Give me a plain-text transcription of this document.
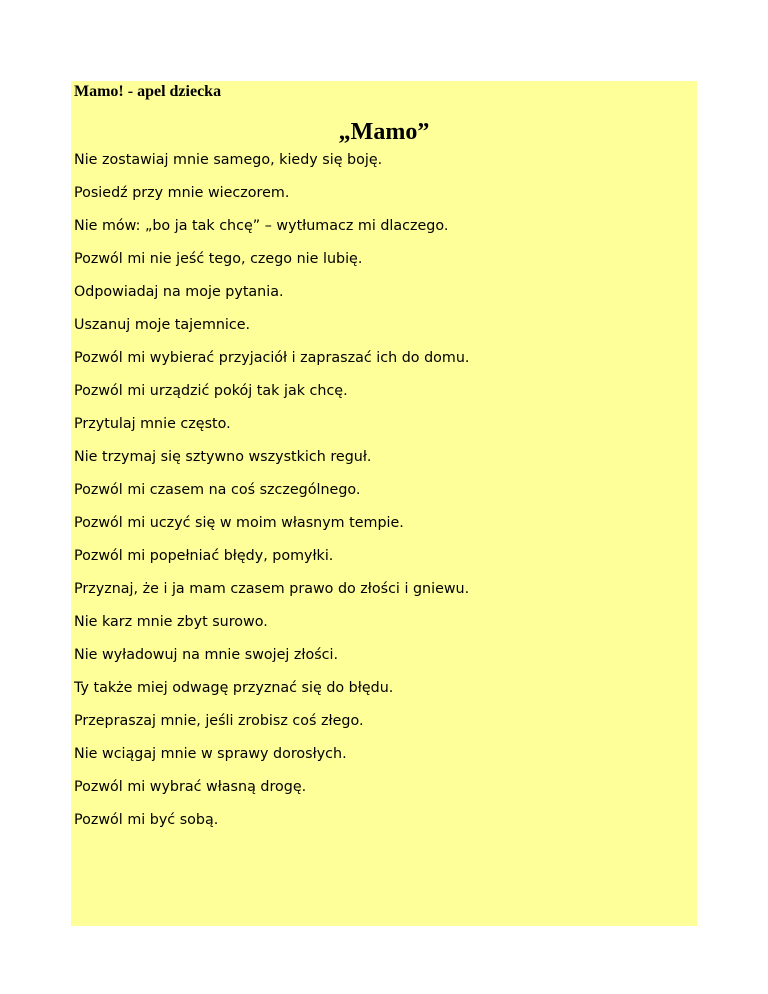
Mamo! - apel dziecka

„Mamo”
Nie zostawiaj mnie samego, kiedy się boję.
Posiedź przy mnie wieczorem.
Nie mów: „bo ja tak chcę” – wytłumacz mi dlaczego.
Pozwól mi nie jeść tego, czego nie lubię.
Odpowiadaj na moje pytania.
Uszanuj moje tajemnice.
Pozwól mi wybierać przyjaciół i zapraszać ich do domu.
Pozwól mi urządzić pokój tak jak chcę.
Przytulaj mnie często.
Nie trzymaj się sztywno wszystkich reguł.
Pozwól mi czasem na coś szczególnego.
Pozwól mi uczyć się w moim własnym tempie.
Pozwól mi popełniać błędy, pomyłki.
Przyznaj, że i ja mam czasem prawo do złości i gniewu.
Nie karz mnie zbyt surowo.
Nie wyładowuj na mnie swojej złości.
Ty także miej odwagę przyznać się do błędu.
Przepraszaj mnie, jeśli zrobisz coś złego.
Nie wciągaj mnie w sprawy dorosłych.
Pozwól mi wybrać własną drogę.
Pozwól mi być sobą.
